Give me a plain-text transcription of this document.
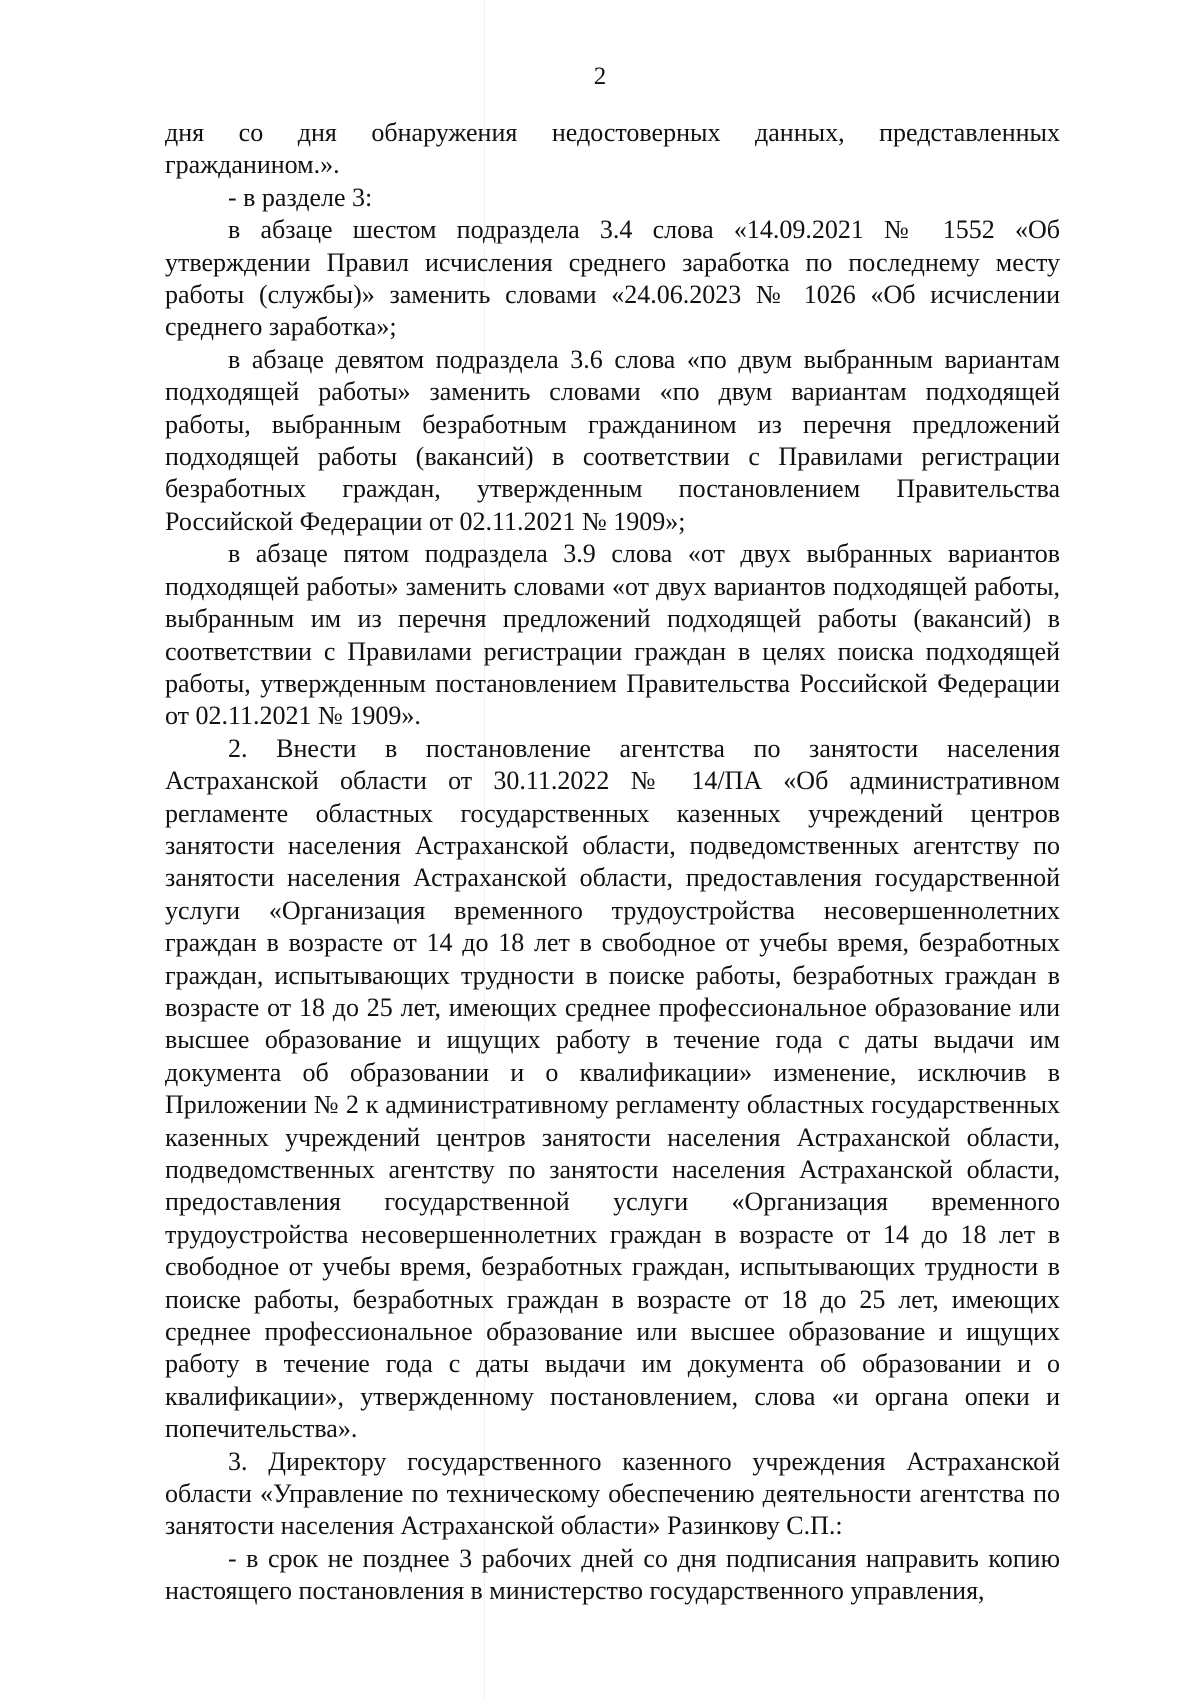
2

дня со дня обнаружения недостоверных данных, представленных гражданином.».

- в разделе 3:

в абзаце шестом подраздела 3.4 слова «14.09.2021 № 1552 «Об утверждении Правил исчисления среднего заработка по последнему месту работы (службы)» заменить словами «24.06.2023 № 1026 «Об исчислении среднего заработка»;

в абзаце девятом подраздела 3.6 слова «по двум выбранным вариантам подходящей работы» заменить словами «по двум вариантам подходящей работы, выбранным безработным гражданином из перечня предложений подходящей работы (вакансий) в соответствии с Правилами регистрации безработных граждан, утвержденным постановлением Правительства Российской Федерации от 02.11.2021 № 1909»;

в абзаце пятом подраздела 3.9 слова «от двух выбранных вариантов подходящей работы» заменить словами «от двух вариантов подходящей работы, выбранным им из перечня предложений подходящей работы (вакансий) в соответствии с Правилами регистрации граждан в целях поиска подходящей работы, утвержденным постановлением Правительства Российской Федерации от 02.11.2021 № 1909».

2. Внести в постановление агентства по занятости населения Астраханской области от 30.11.2022 № 14/ПА «Об административном регламенте областных государственных казенных учреждений центров занятости населения Астраханской области, подведомственных агентству по занятости населения Астраханской области, предоставления государственной услуги «Организация временного трудоустройства несовершеннолетних граждан в возрасте от 14 до 18 лет в свободное от учебы время, безработных граждан, испытывающих трудности в поиске работы, безработных граждан в возрасте от 18 до 25 лет, имеющих среднее профессиональное образование или высшее образование и ищущих работу в течение года с даты выдачи им документа об образовании и о квалификации» изменение, исключив в Приложении № 2 к административному регламенту областных государственных казенных учреждений центров занятости населения Астраханской области, подведомственных агентству по занятости населения Астраханской области, предоставления государственной услуги «Организация временного трудоустройства несовершеннолетних граждан в возрасте от 14 до 18 лет в свободное от учебы время, безработных граждан, испытывающих трудности в поиске работы, безработных граждан в возрасте от 18 до 25 лет, имеющих среднее профессиональное образование или высшее образование и ищущих работу в течение года с даты выдачи им документа об образовании и о квалификации», утвержденному постановлением, слова «и органа опеки и попечительства».

3. Директору государственного казенного учреждения Астраханской области «Управление по техническому обеспечению деятельности агентства по занятости населения Астраханской области» Разинкову С.П.:

- в срок не позднее 3 рабочих дней со дня подписания направить копию настоящего постановления в министерство государственного управления,
